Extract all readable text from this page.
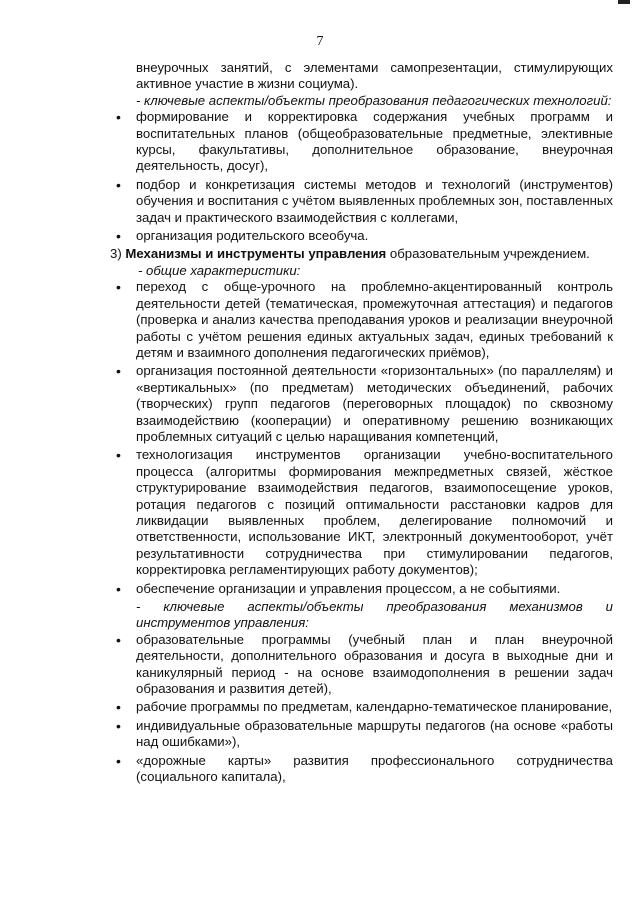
7

внеурочных занятий, с элементами самопрезентации, стимулирующих активное участие в жизни социума).

- ключевые аспекты/объекты преобразования педагогических технологий:

• формирование и корректировка содержания учебных программ и воспитательных планов (общеобразовательные предметные, элективные курсы, факультативы, дополнительное образование, внеурочная деятельность, досуг),

• подбор и конкретизация системы методов и технологий (инструментов) обучения и воспитания с учётом выявленных проблемных зон, поставленных задач и практического взаимодействия с коллегами,

• организация родительского всеобуча.

3) Механизмы и инструменты управления образовательным учреждением.

- общие характеристики:

• переход с обще-урочного на проблемно-акцентированный контроль деятельности детей (тематическая, промежуточная аттестация) и педагогов (проверка и анализ качества преподавания уроков и реализации внеурочной работы с учётом решения единых актуальных задач, единых требований к детям и взаимного дополнения педагогических приёмов),

• организация постоянной деятельности «горизонтальных» (по параллелям) и «вертикальных» (по предметам) методических объединений, рабочих (творческих) групп педагогов (переговорных площадок) по сквозному взаимодействию (кооперации) и оперативному решению возникающих проблемных ситуаций с целью наращивания компетенций,

• технологизация инструментов организации учебно-воспитательного процесса (алгоритмы формирования межпредметных связей, жёсткое структурирование взаимодействия педагогов, взаимопосещение уроков, ротация педагогов с позиций оптимальности расстановки кадров для ликвидации выявленных проблем, делегирование полномочий и ответственности, использование ИКТ, электронный документооборот, учёт результативности сотрудничества при стимулировании педагогов, корректировка регламентирующих работу документов);

• обеспечение организации и управления процессом, а не событиями.

- ключевые аспекты/объекты преобразования механизмов и инструментов управления:

• образовательные программы (учебный план и план внеурочной деятельности, дополнительного образования и досуга в выходные дни и каникулярный период - на основе взаимодополнения в решении задач образования и развития детей),

• рабочие программы по предметам, календарно-тематическое планирование,

• индивидуальные образовательные маршруты педагогов (на основе «работы над ошибками»),

• «дорожные карты» развития профессионального сотрудничества (социального капитала),
